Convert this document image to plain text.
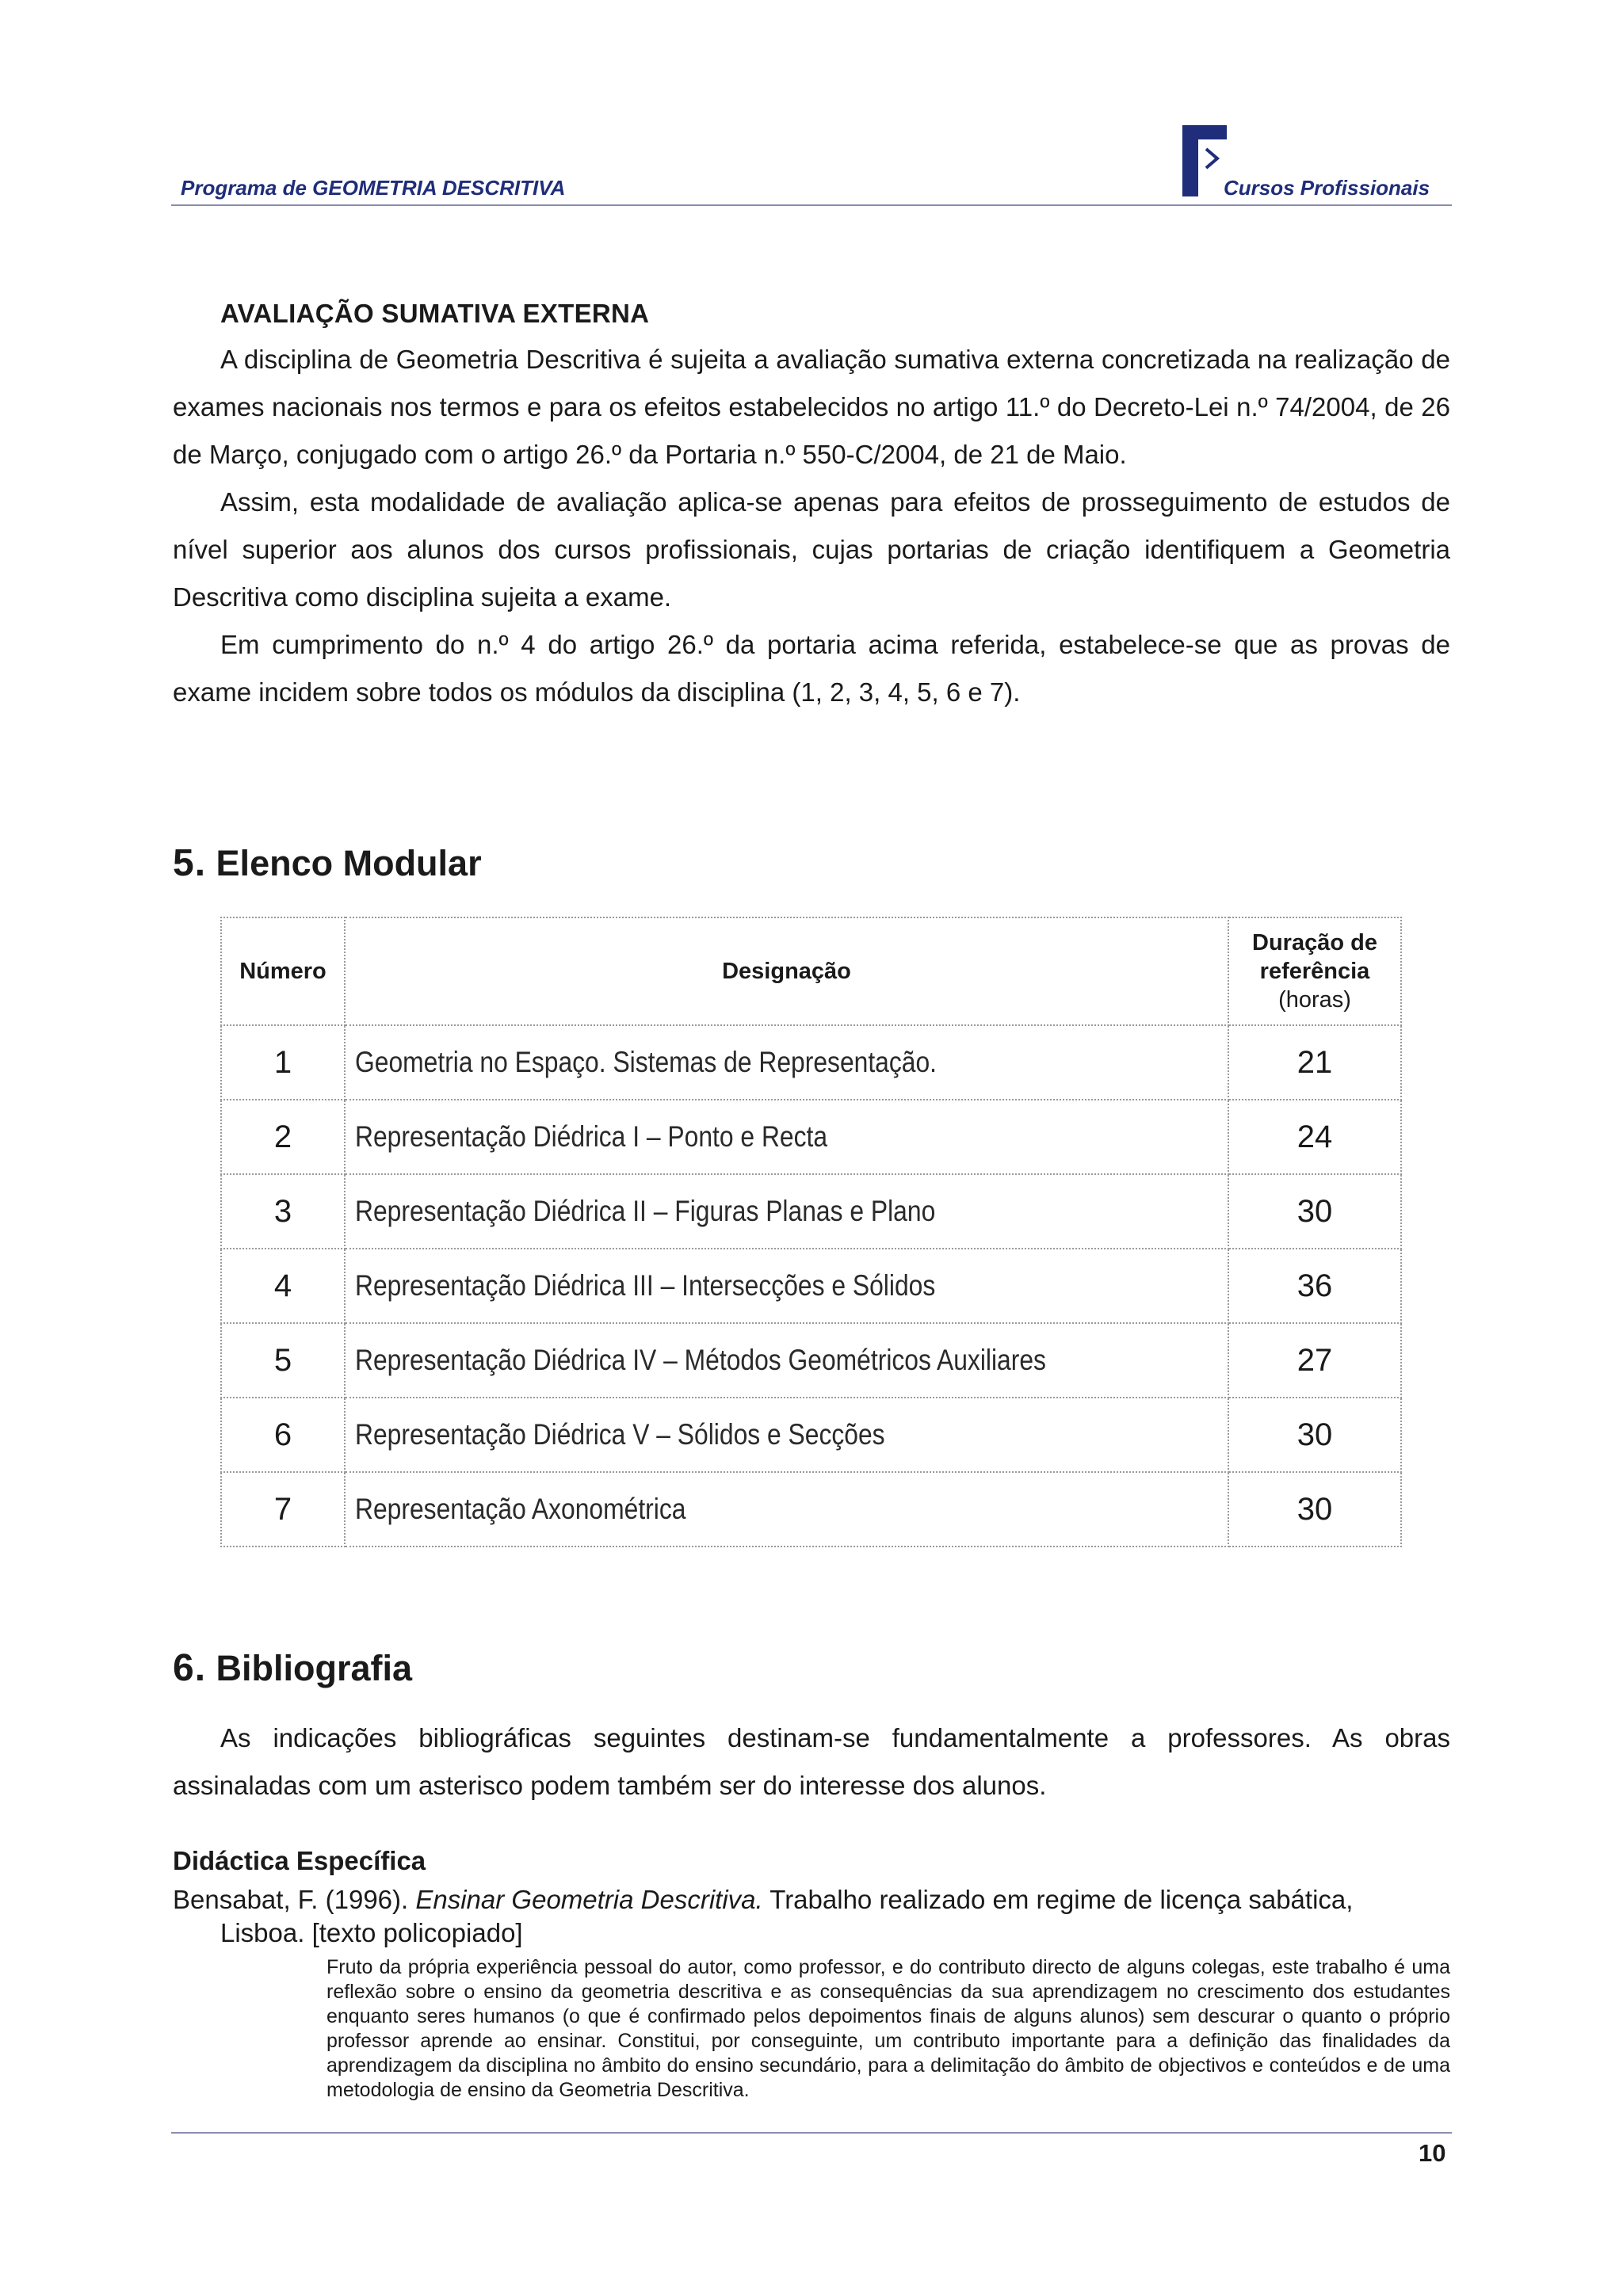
Programa de GEOMETRIA DESCRITIVA	Cursos Profissionais
AVALIAÇÃO SUMATIVA EXTERNA

A disciplina de Geometria Descritiva é sujeita a avaliação sumativa externa concretizada na realização de exames nacionais nos termos e para os efeitos estabelecidos no artigo 11.º do Decreto-Lei n.º 74/2004, de 26 de Março, conjugado com o artigo 26.º da Portaria n.º 550-C/2004, de 21 de Maio.

Assim, esta modalidade de avaliação aplica-se apenas para efeitos de prosseguimento de estudos de nível superior aos alunos dos cursos profissionais, cujas portarias de criação identifiquem a Geometria Descritiva como disciplina sujeita a exame.

Em cumprimento do n.º 4 do artigo 26.º da portaria acima referida, estabelece-se que as provas de exame incidem sobre todos os módulos da disciplina (1, 2, 3, 4, 5, 6 e 7).

5. Elenco Modular
Número	Designação	Duração de
referência
(horas)

1	Geometria no Espaço. Sistemas de Representação.	21
2	Representação Diédrica I – Ponto e Recta	24
3	Representação Diédrica II – Figuras Planas e Plano	30
4	Representação Diédrica III – Intersecções e Sólidos	36
5	Representação Diédrica IV – Métodos Geométricos Auxiliares	27
6	Representação Diédrica V – Sólidos e Secções	30
7	Representação Axonométrica	30
6. Bibliografia

As indicações bibliográficas seguintes destinam-se fundamentalmente a professores. As obras assinaladas com um asterisco podem também ser do interesse dos alunos.

Didáctica Específica
Bensabat, F. (1996). Ensinar Geometria Descritiva. Trabalho realizado em regime de licença sabática,
Lisboa. [texto policopiado]
Fruto da própria experiência pessoal do autor, como professor, e do contributo directo de alguns colegas, este trabalho é uma reflexão sobre o ensino da geometria descritiva e as consequências da sua aprendizagem no crescimento dos estudantes enquanto seres humanos (o que é confirmado pelos depoimentos finais de alguns alunos) sem descurar o quanto o próprio professor aprende ao ensinar. Constitui, por conseguinte, um contributo importante para a definição das finalidades da aprendizagem da disciplina no âmbito do ensino secundário, para a delimitação do âmbito de objectivos e conteúdos e de uma metodologia de ensino da Geometria Descritiva.
10
